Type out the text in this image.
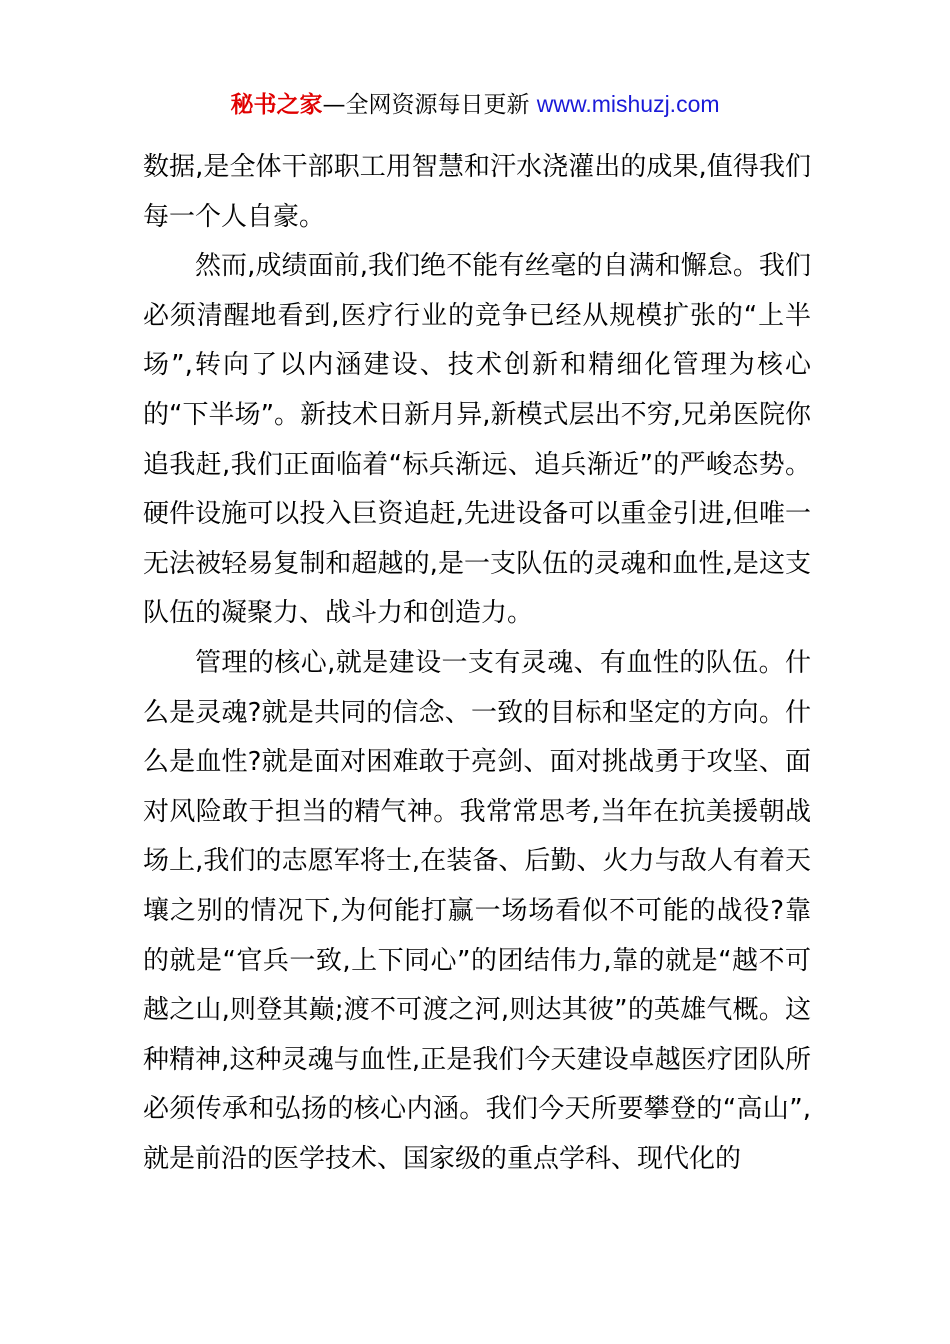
秘书之家—全网资源每日更新 www.mishuzj.com

数据,是全体干部职工用智慧和汗水浇灌出的成果,值得我们每一个人自豪。

然而,成绩面前,我们绝不能有丝毫的自满和懈怠。我们必须清醒地看到,医疗行业的竞争已经从规模扩张的“上半场”,转向了以内涵建设、技术创新和精细化管理为核心的“下半场”。新技术日新月异,新模式层出不穷,兄弟医院你追我赶,我们正面临着“标兵渐远、追兵渐近”的严峻态势。硬件设施可以投入巨资追赶,先进设备可以重金引进,但唯一无法被轻易复制和超越的,是一支队伍的灵魂和血性,是这支队伍的凝聚力、战斗力和创造力。

管理的核心,就是建设一支有灵魂、有血性的队伍。什么是灵魂?就是共同的信念、一致的目标和坚定的方向。什么是血性?就是面对困难敢于亮剑、面对挑战勇于攻坚、面对风险敢于担当的精气神。我常常思考,当年在抗美援朝战场上,我们的志愿军将士,在装备、后勤、火力与敌人有着天壤之别的情况下,为何能打赢一场场看似不可能的战役?靠的就是“官兵一致,上下同心”的团结伟力,靠的就是“越不可越之山,则登其巅;渡不可渡之河,则达其彼”的英雄气概。这种精神,这种灵魂与血性,正是我们今天建设卓越医疗团队所必须传承和弘扬的核心内涵。我们今天所要攀登的“高山”,就是前沿的医学技术、国家级的重点学科、现代化的
